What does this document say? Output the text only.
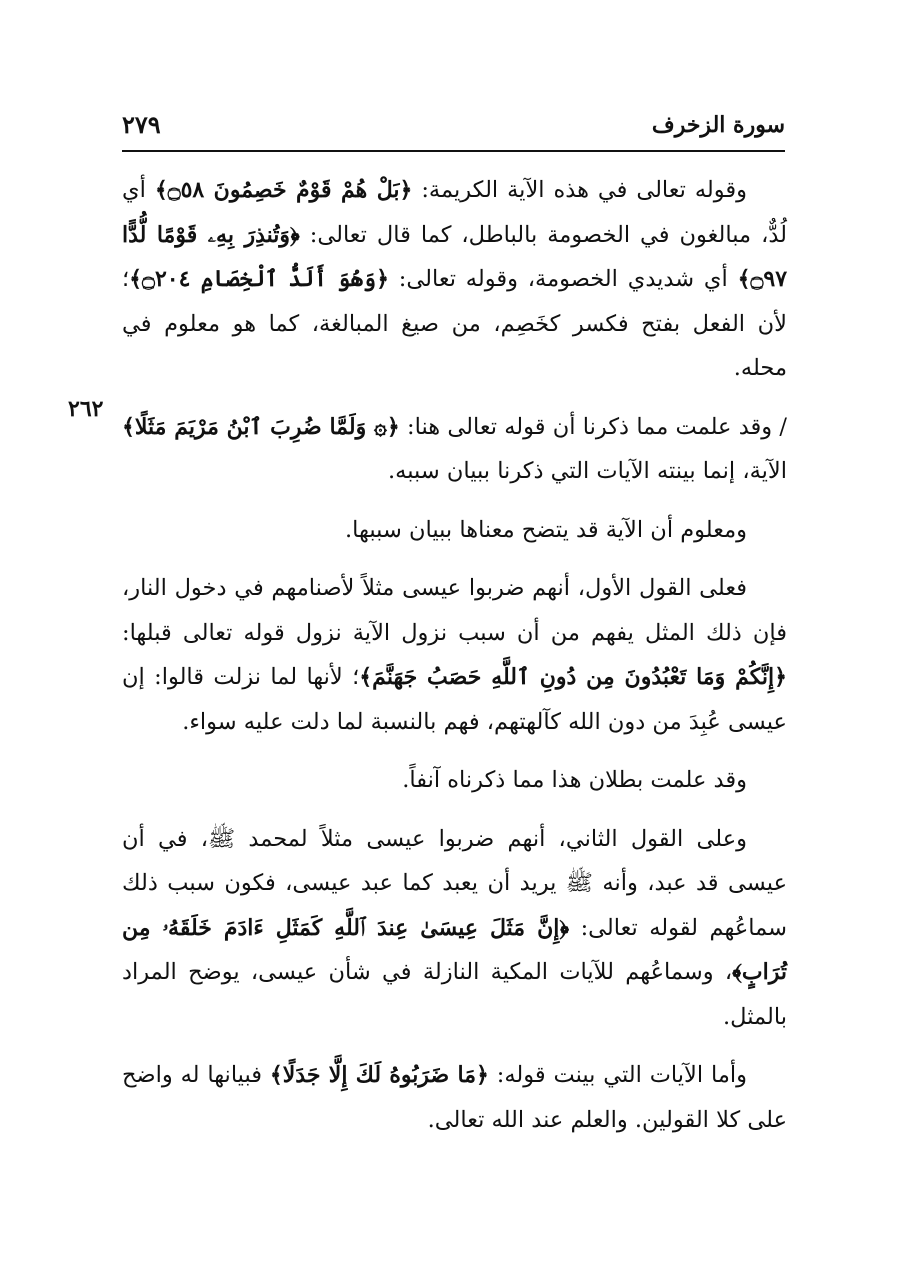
سورة الزخرف
٢٧٩
٢٦٢

وقوله تعالى في هذه الآية الكريمة: ﴿بَلْ هُمْ قَوْمٌ خَصِمُونَ ۝٥٨﴾ أي لُدٌّ، مبالغون في الخصومة بالباطل، كما قال تعالى: ﴿وَتُنذِرَ بِهِۦ قَوْمًا لُّدًّا ۝٩٧﴾ أي شديدي الخصومة، وقوله تعالى: ﴿وَهُوَ أَلَدُّ ٱلْخِصَامِ ۝٢٠٤﴾؛ لأن الفعل بفتح فكسر كخَصِم، من صيغ المبالغة، كما هو معلوم في محله.

/ وقد علمت مما ذكرنا أن قوله تعالى هنا: ﴿۞ وَلَمَّا ضُرِبَ ٱبْنُ مَرْيَمَ مَثَلًا﴾ الآية، إنما بينته الآيات التي ذكرنا ببيان سببه.

ومعلوم أن الآية قد يتضح معناها ببيان سببها.

فعلى القول الأول، أنهم ضربوا عيسى مثلاً لأصنامهم في دخول النار، فإن ذلك المثل يفهم من أن سبب نزول الآية نزول قوله تعالى قبلها: ﴿إِنَّكُمْ وَمَا تَعْبُدُونَ مِن دُونِ ٱللَّهِ حَصَبُ جَهَنَّمَ﴾؛ لأنها لما نزلت قالوا: إن عيسى عُبِدَ من دون الله كآلهتهم، فهم بالنسبة لما دلت عليه سواء.

وقد علمت بطلان هذا مما ذكرناه آنفاً.

وعلى القول الثاني، أنهم ضربوا عيسى مثلاً لمحمد ﷺ، في أن عيسى قد عبد، وأنه ﷺ يريد أن يعبد كما عبد عيسى، فكون سبب ذلك سماعُهم لقوله تعالى: ﴿إِنَّ مَثَلَ عِيسَىٰ عِندَ ٱللَّهِ كَمَثَلِ ءَادَمَ خَلَقَهُۥ مِن تُرَابٍ﴾، وسماعُهم للآيات المكية النازلة في شأن عيسى، يوضح المراد بالمثل.

وأما الآيات التي بينت قوله: ﴿مَا ضَرَبُوهُ لَكَ إِلَّا جَدَلًا﴾ فبيانها له واضح على كلا القولين. والعلم عند الله تعالى.
